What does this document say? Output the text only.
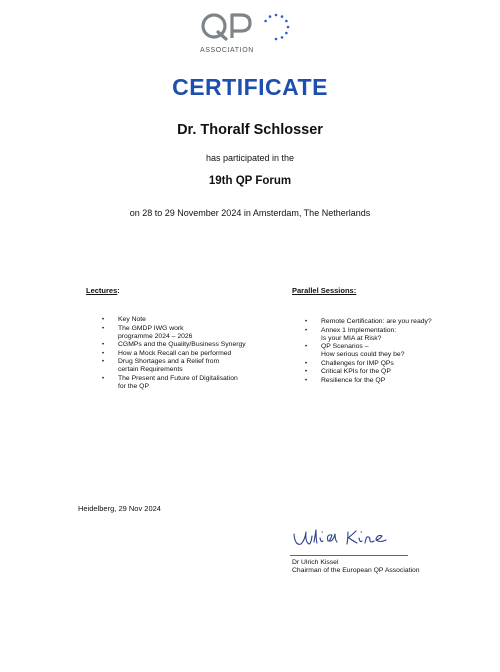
ASSOCIATION
CERTIFICATE
Dr. Thoralf Schlosser
has participated in the
19th QP Forum
on 28 to 29 November 2024 in Amsterdam, The Netherlands
Lectures:	Parallel Sessions:
• Key Note
• The GMDP IWG work
programme 2024 – 2026
• CGMPs and the Quality/Business Synergy
• How a Mock Recall can be performed
• Drug Shortages and a Relief from
certain Requirements
• The Present and Future of Digitalisation
for the QP
• Remote Certification: are you ready?
• Annex 1 Implementation:
Is your MIA at Risk?
• QP Scenarios –
How serious could they be?
• Challenges for IMP QPs
• Critical KPIs for the QP
• Resilience for the QP
Heidelberg, 29 Nov 2024
Dr Ulrich Kissel
Chairman of the European QP Association
